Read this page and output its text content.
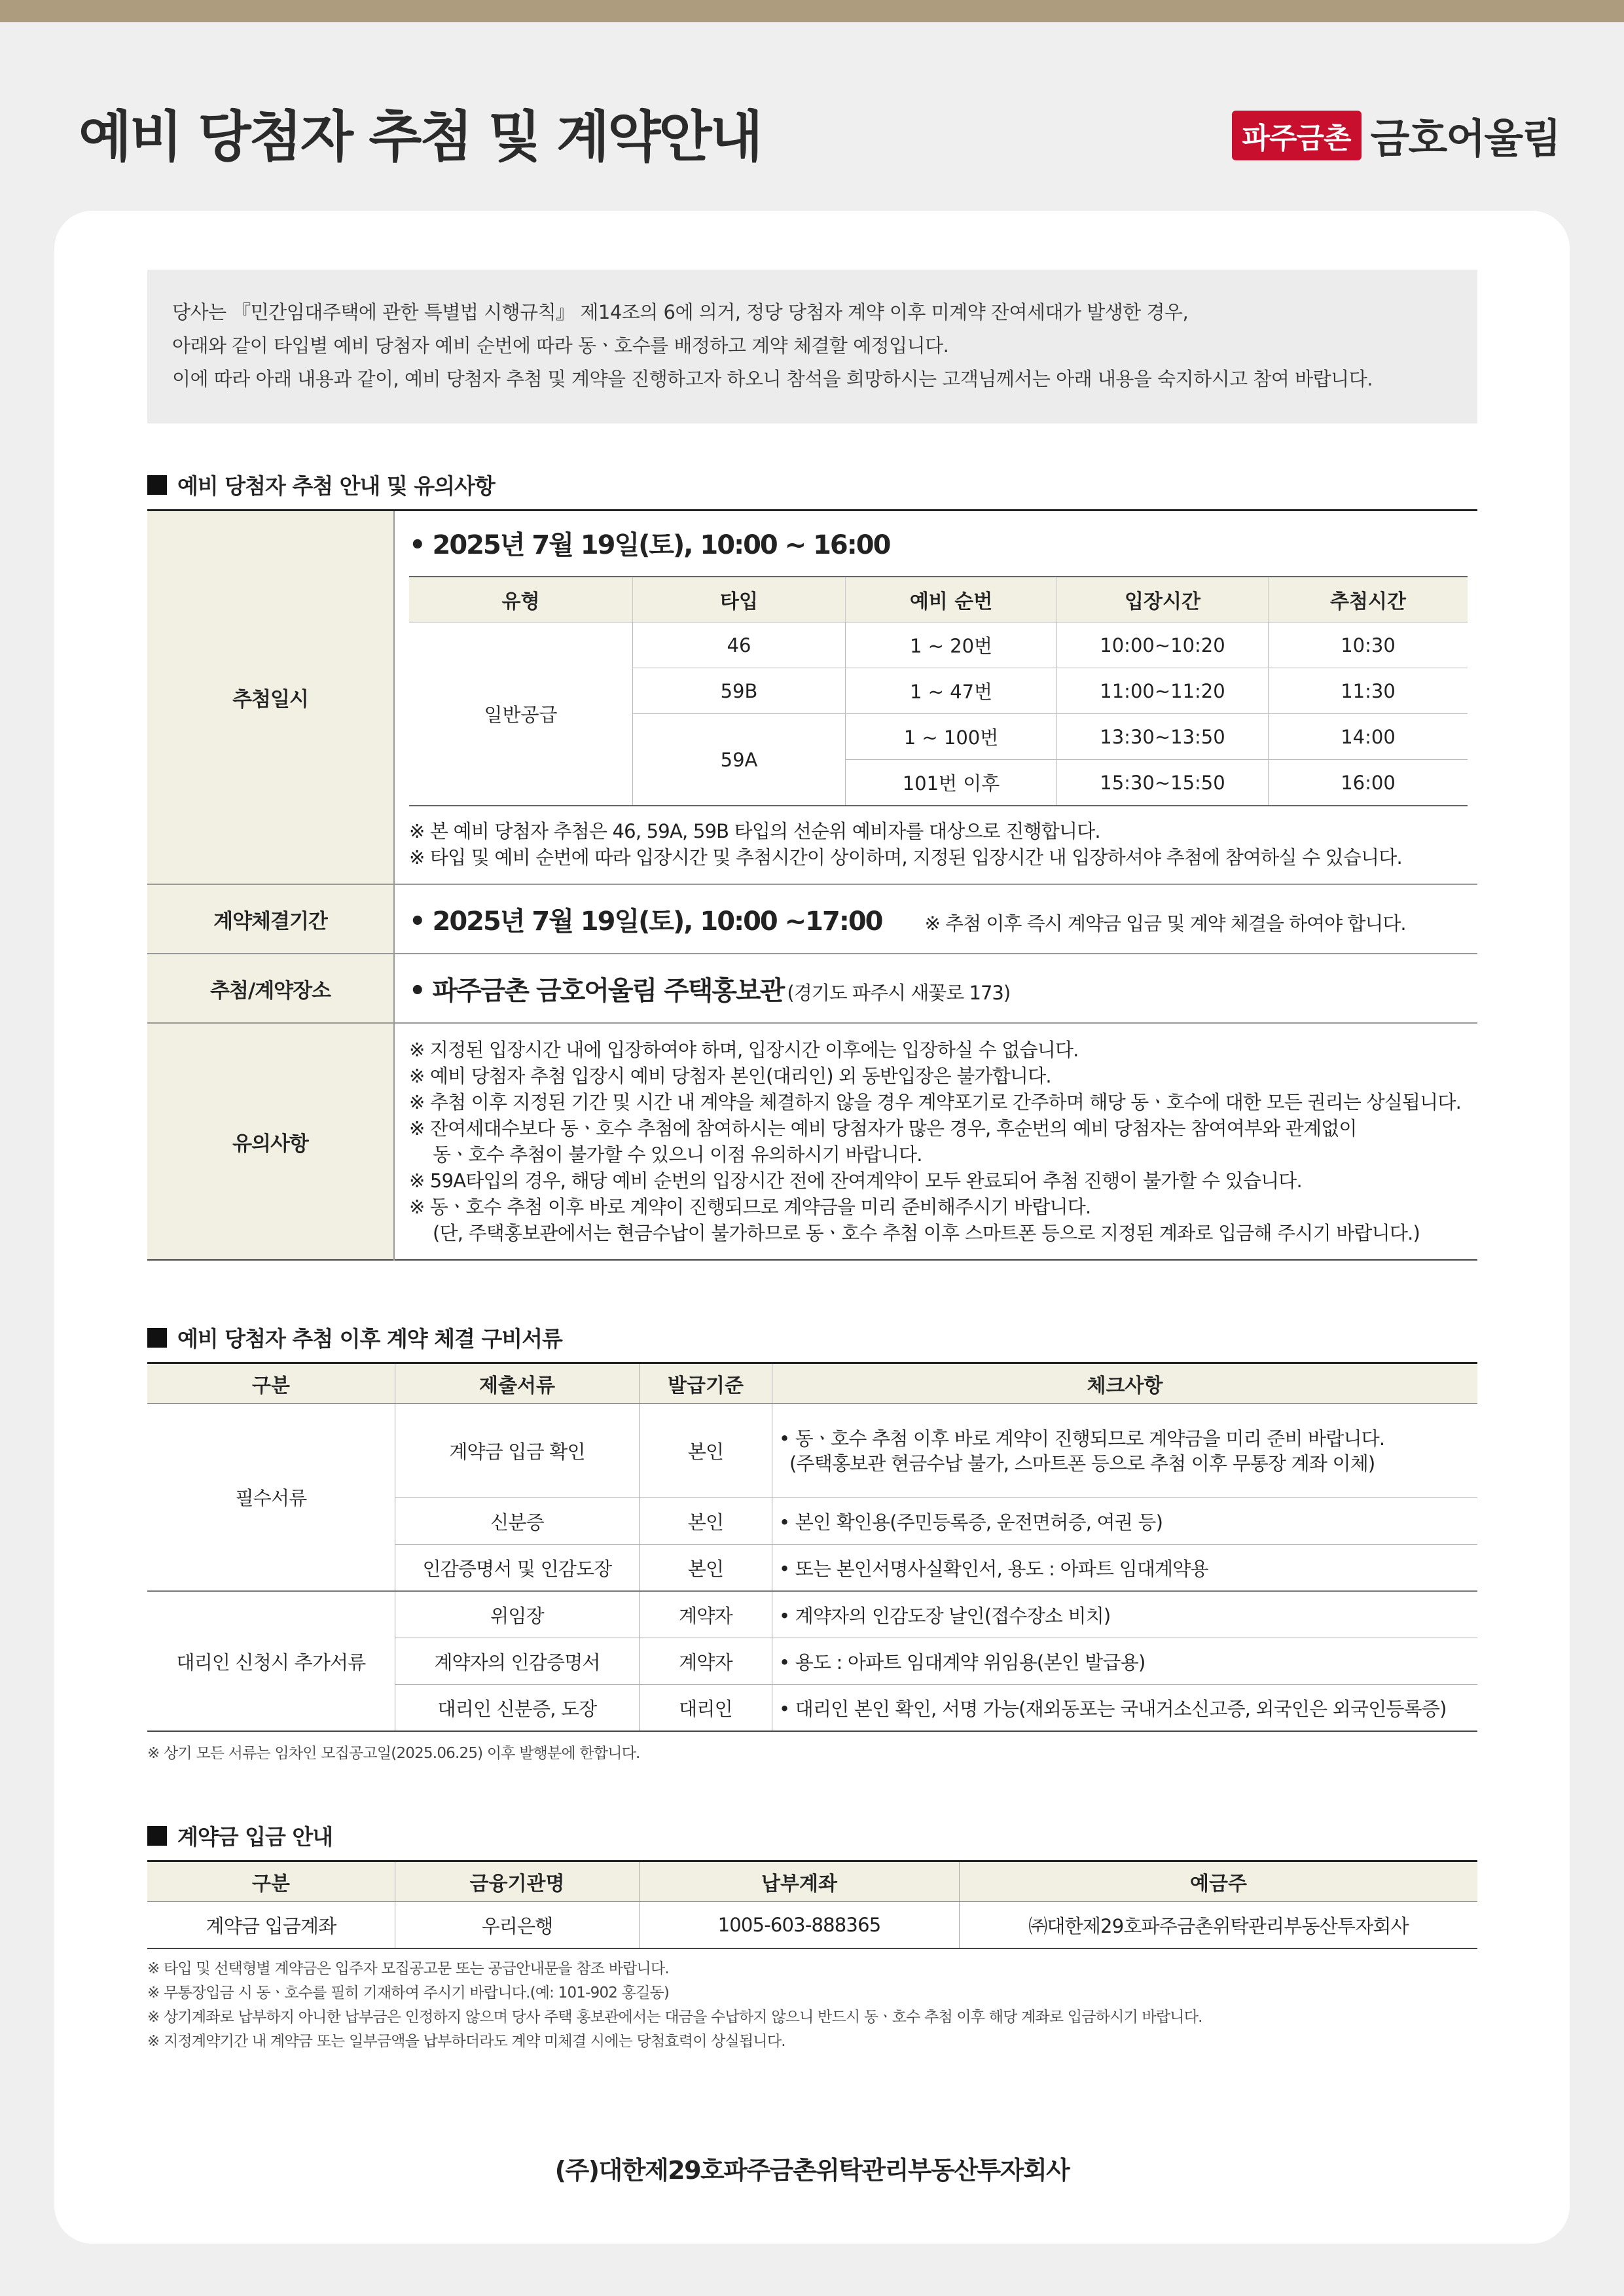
예비 당첨자 추첨 및 계약안내	파주금촌 금호어울림

당사는 『민간임대주택에 관한 특별법 시행규칙』 제14조의 6에 의거, 정당 당첨자 계약 이후 미계약 잔여세대가 발생한 경우,

아래와 같이 타입별 예비 당첨자 예비 순번에 따라 동ㆍ호수를 배정하고 계약 체결할 예정입니다.

이에 따라 아래 내용과 같이, 예비 당첨자 추첨 및 계약을 진행하고자 하오니 참석을 희망하시는 고객님께서는 아래 내용을 숙지하시고 참여 바랍니다.

예비 당첨자 추첨 안내 및 유의사항
추첨일시	
• 2025년 7월 19일(토), 10:00 ~ 16:00
유형	타입	예비 순번	입장시간	추첨시간
일반공급	46	1 ~ 20번	10:00~10:20	10:30
59B	1 ~ 47번	11:00~11:20	11:30
59A	1 ~ 100번	13:30~13:50	14:00
101번 이후	15:30~15:50	16:00
※ 본 예비 당첨자 추첨은 46, 59A, 59B 타입의 선순위 예비자를 대상으로 진행합니다.
※ 타입 및 예비 순번에 따라 입장시간 및 추첨시간이 상이하며, 지정된 입장시간 내 입장하셔야 추첨에 참여하실 수 있습니다.

계약체결기간	• 2025년 7월 19일(토), 10:00 ~17:00 ※ 추첨 이후 즉시 계약금 입금 및 계약 체결을 하여야 합니다.
추첨/계약장소	• 파주금촌 금호어울림 주택홍보관 (경기도 파주시 새꽃로 173)
유의사항	
※ 지정된 입장시간 내에 입장하여야 하며, 입장시간 이후에는 입장하실 수 없습니다.
※ 예비 당첨자 추첨 입장시 예비 당첨자 본인(대리인) 외 동반입장은 불가합니다.
※ 추첨 이후 지정된 기간 및 시간 내 계약을 체결하지 않을 경우 계약포기로 간주하며 해당 동ㆍ호수에 대한 모든 권리는 상실됩니다.
※ 잔여세대수보다 동ㆍ호수 추첨에 참여하시는 예비 당첨자가 많은 경우, 후순번의 예비 당첨자는 참여여부와 관계없이
동ㆍ호수 추첨이 불가할 수 있으니 이점 유의하시기 바랍니다.
※ 59A타입의 경우, 해당 예비 순번의 입장시간 전에 잔여계약이 모두 완료되어 추첨 진행이 불가할 수 있습니다.
※ 동ㆍ호수 추첨 이후 바로 계약이 진행되므로 계약금을 미리 준비해주시기 바랍니다.
(단, 주택홍보관에서는 현금수납이 불가하므로 동ㆍ호수 추첨 이후 스마트폰 등으로 지정된 계좌로 입금해 주시기 바랍니다.)
예비 당첨자 추첨 이후 계약 체결 구비서류
구분	제출서류	발급기준	체크사항
필수서류	계약금 입금 확인	본인	• 동ㆍ호수 추첨 이후 바로 계약이 진행되므로 계약금을 미리 준비 바랍니다.
(주택홍보관 현금수납 불가, 스마트폰 등으로 추첨 이후 무통장 계좌 이체)

	신분증	본인	• 본인 확인용(주민등록증, 운전면허증, 여권 등)
	인감증명서 및 인감도장	본인	• 또는 본인서명사실확인서, 용도 : 아파트 임대계약용
대리인 신청시 추가서류	위임장	계약자	• 계약자의 인감도장 날인(접수장소 비치)
	계약자의 인감증명서	계약자	• 용도 : 아파트 임대계약 위임용(본인 발급용)
	대리인 신분증, 도장	대리인	• 대리인 본인 확인, 서명 가능(재외동포는 국내거소신고증, 외국인은 외국인등록증)
※ 상기 모든 서류는 임차인 모집공고일(2025.06.25) 이후 발행분에 한합니다.
계약금 입금 안내
구분	금융기관명	납부계좌	예금주
계약금 입금계좌	우리은행	1005-603-888365	㈜대한제29호파주금촌위탁관리부동산투자회사
※ 타입 및 선택형별 계약금은 입주자 모집공고문 또는 공급안내문을 참조 바랍니다.
※ 무통장입금 시 동ㆍ호수를 필히 기재하여 주시기 바랍니다.(예: 101-902 홍길동)
※ 상기계좌로 납부하지 아니한 납부금은 인정하지 않으며 당사 주택 홍보관에서는 대금을 수납하지 않으니 반드시 동ㆍ호수 추첨 이후 해당 계좌로 입금하시기 바랍니다.
※ 지정계약기간 내 계약금 또는 일부금액을 납부하더라도 계약 미체결 시에는 당첨효력이 상실됩니다.
(주)대한제29호파주금촌위탁관리부동산투자회사
